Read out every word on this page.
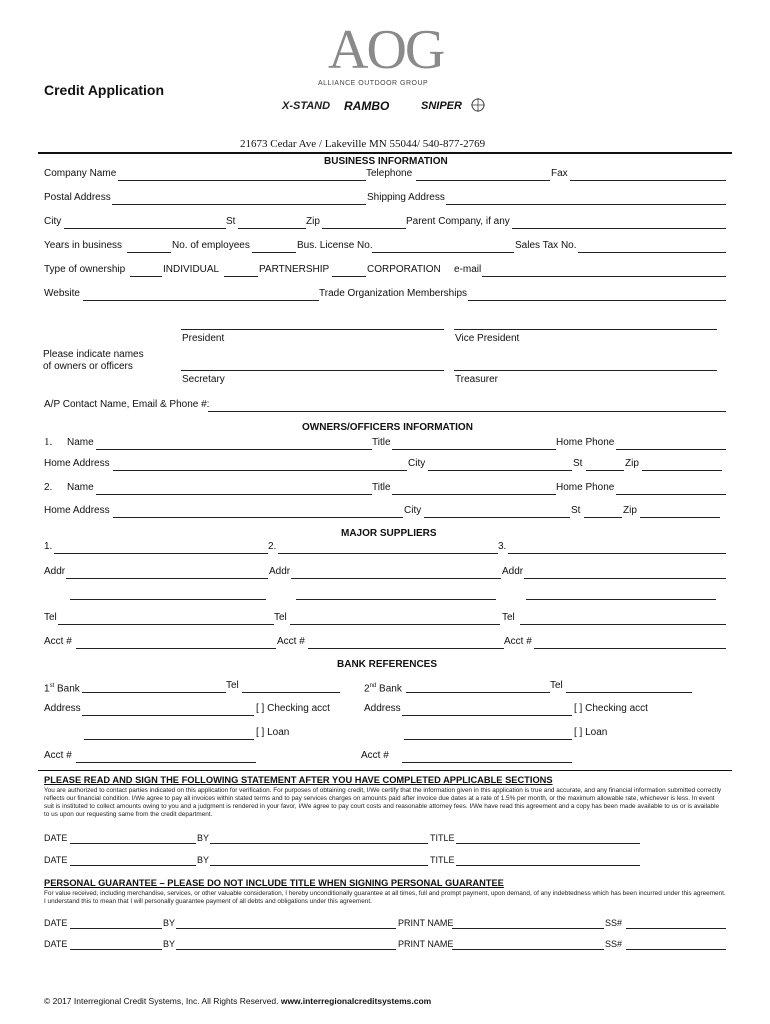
Credit Application
AOG
ALLIANCE OUTDOOR GROUP
X-STAND RAMBO	SNIPER
21673 Cedar Ave / Lakeville MN 55044/ 540-877-2769
BUSINESS INFORMATION
Company Name	Telephone	Fax
Postal Address	Shipping Address
City	St	Zip	Parent Company, if any
Years in business	No. of employees	Bus. License No.	Sales Tax No.
Type of ownership	INDIVIDUAL	PARTNERSHIP	CORPORATION e-mail
Website	Trade Organization Memberships
President	Vice President
Please indicate names
of owners or officers
Secretary	Treasurer
A/P Contact Name, Email & Phone #:
OWNERS/OFFICERS INFORMATION
1. Name	Title	Home Phone
Home Address	City	St	Zip
2. Name	Title	Home Phone
Home Address	City	St	Zip
MAJOR SUPPLIERS
1.	2.	3.
Addr	Addr	Addr
Tel	Tel	Tel
Acct #	Acct #	Acct #
BANK REFERENCES
1st Bank	Tel	2nd Bank	Tel
Address	[ ] Checking acct	Address	[ ] Checking acct
[ ] Loan	[ ] Loan
Acct #	Acct #
PLEASE READ AND SIGN THE FOLLOWING STATEMENT AFTER YOU HAVE COMPLETED APPLICABLE SECTIONS
You are authorized to contact parties indicated on this application for verification. For purposes of obtaining credit, I/We certify that the information given in this application is true and accurate, and any financial information submitted correctly reflects our financial condition. I/We agree to pay all invoices within stated terms and to pay services charges on amounts paid after invoice due dates at a rate of 1.5% per month, or the maximum allowable rate, whichever is less. In event suit is instituted to collect amounts owing to you and a judgment is rendered in your favor, I/We agree to pay court costs and reasonable attorney fees. I/We have read this agreement and a copy has been made available to us or is available to us upon our requesting same from the credit department.
DATE	BY	TITLE
DATE	BY	TITLE
PERSONAL GUARANTEE – PLEASE DO NOT INCLUDE TITLE WHEN SIGNING PERSONAL GUARANTEE
For value received, including merchandise, services, or other valuable consideration, I hereby unconditionally guarantee at all times, full and prompt payment, upon demand, of any indebtedness which has been incurred under this agreement. I understand this to mean that I will personally guarantee payment of all debts and obligations under this agreement.
DATE	BY	PRINT NAME	SS#
DATE	BY	PRINT NAME	SS#
© 2017 Interregional Credit Systems, Inc. All Rights Reserved. www.interregionalcreditsystems.com
